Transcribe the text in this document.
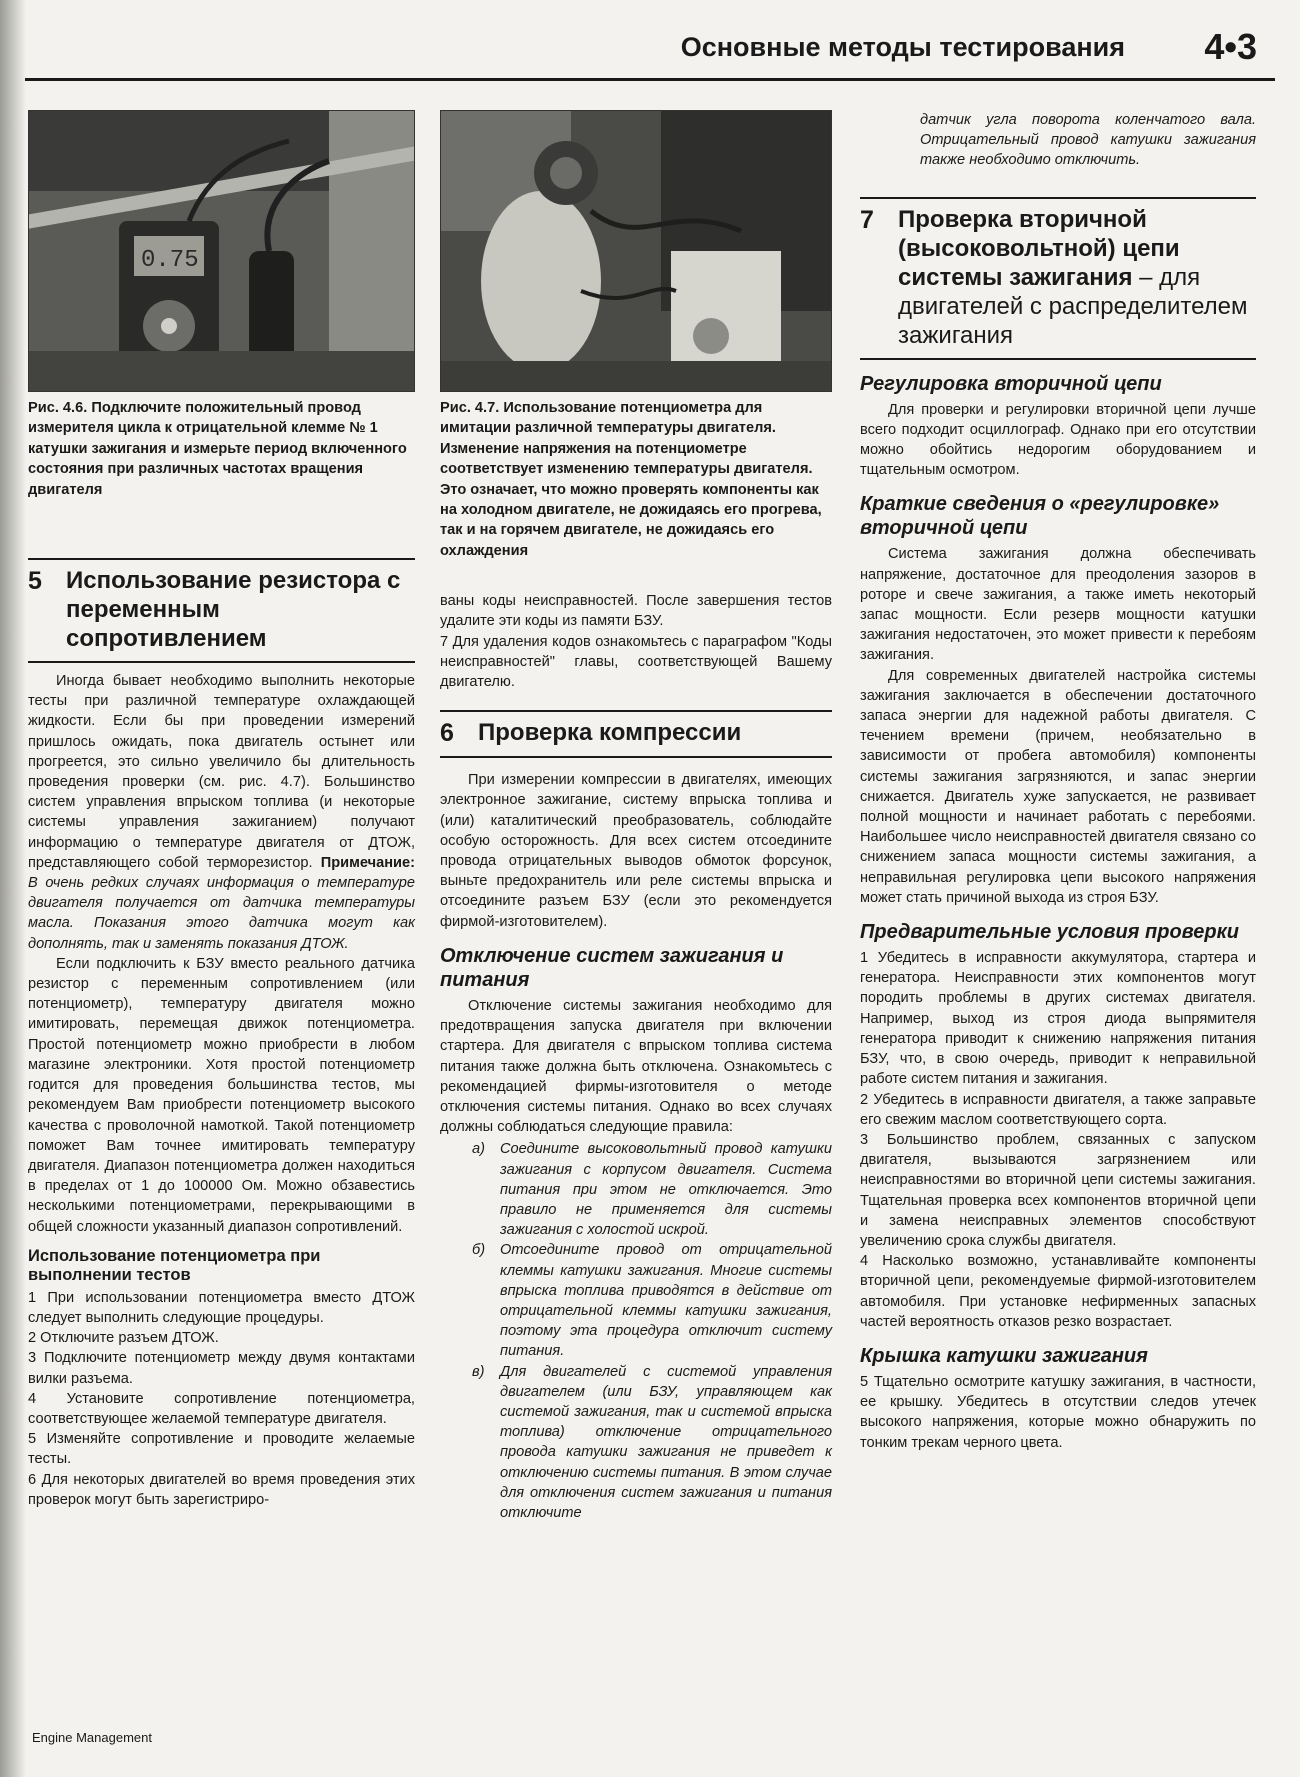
Основные методы тестирования 4•3
0.75
Рис. 4.6. Подключите положительный провод измерителя цикла к отрицательной клемме № 1 катушки зажигания и измерьте период включенного состояния при различных частотах вращения двигателя
5	Использование резистора с переменным сопротивлением

Иногда бывает необходимо выполнить некоторые тесты при различной температуре охлаждающей жидкости. Если бы при проведении измерений пришлось ожидать, пока двигатель остынет или прогреется, это сильно увеличило бы длительность проведения проверки (см. рис. 4.7). Большинство систем управления впрыском топлива (и некоторые системы управления зажиганием) получают информацию о температуре двигателя от ДТОЖ, представляющего собой терморезистор. Примечание: В очень редких случаях информация о температуре двигателя получается от датчика температуры масла. Показания этого датчика могут как дополнять, так и заменять показания ДТОЖ.

Если подключить к БЗУ вместо реального датчика резистор с переменным сопротивлением (или потенциометр), температуру двигателя можно имитировать, перемещая движок потенциометра. Простой потенциометр можно приобрести в любом магазине электроники. Хотя простой потенциометр годится для проведения большинства тестов, мы рекомендуем Вам приобрести потенциометр высокого качества с проволочной намоткой. Такой потенциометр поможет Вам точнее имитировать температуру двигателя. Диапазон потенциометра должен находиться в пределах от 1 до 100000 Ом. Можно обзавестись несколькими потенциометрами, перекрывающими в общей сложности указанный диапазон сопротивлений.

Использование потенциометра при выполнении тестов
1 При использовании потенциометра вместо ДТОЖ следует выполнить следующие процедуры.
2 Отключите разъем ДТОЖ.
3 Подключите потенциометр между двумя контактами вилки разъема.
4 Установите сопротивление потенциометра, соответствующее желаемой температуре двигателя.
5 Изменяйте сопротивление и проводите желаемые тесты.
6 Для некоторых двигателей во время проведения этих проверок могут быть зарегистриро-
Рис. 4.7. Использование потенциометра для имитации различной температуры двигателя. Изменение напряжения на потенциометре соответствует изменению температуры двигателя. Это означает, что можно проверять компоненты как на холодном двигателе, не дожидаясь его прогрева, так и на горячем двигателе, не дожидаясь его охлаждения

ваны коды неисправностей. После завершения тестов удалите эти коды из памяти БЗУ.

7 Для удаления кодов ознакомьтесь с параграфом "Коды неисправностей" главы, соответствующей Вашему двигателю.
6	Проверка компрессии

При измерении компрессии в двигателях, имеющих электронное зажигание, систему впрыска топлива и (или) каталитический преобразователь, соблюдайте особую осторожность. Для всех систем отсоедините провода отрицательных выводов обмоток форсунок, выньте предохранитель или реле системы впрыска и отсоедините разъем БЗУ (если это рекомендуется фирмой-изготовителем).

Отключение систем зажигания и питания

Отключение системы зажигания необходимо для предотвращения запуска двигателя при включении стартера. Для двигателя с впрыском топлива система питания также должна быть отключена. Ознакомьтесь с рекомендацией фирмы-изготовителя о методе отключения системы питания. Однако во всех случаях должны соблюдаться следующие правила:

а)	Соедините высоковольтный провод катушки зажигания с корпусом двигателя. Система питания при этом не отключается. Это правило не применяется для системы зажигания с холостой искрой.
б)	Отсоедините провод от отрицательной клеммы катушки зажигания. Многие системы впрыска топлива приводятся в действие от отрицательной клеммы катушки зажигания, поэтому эта процедура отключит систему питания.
в)	Для двигателей с системой управления двигателем (или БЗУ, управляющем как системой зажигания, так и системой впрыска топлива) отключение отрицательного провода катушки зажигания не приведет к отключению системы питания. В этом случае для отключения систем зажигания и питания отключите

датчик угла поворота коленчатого вала. Отрицательный провод катушки зажигания также необходимо отключить.

7	Проверка вторичной (высоковольтной) цепи системы зажигания – для двигателей с распределителем зажигания
Регулировка вторичной цепи

Для проверки и регулировки вторичной цепи лучше всего подходит осциллограф. Однако при его отсутствии можно обойтись недорогим оборудованием и тщательным осмотром.

Краткие сведения о «регулировке» вторичной цепи

Система зажигания должна обеспечивать напряжение, достаточное для преодоления зазоров в роторе и свече зажигания, а также иметь некоторый запас мощности. Если резерв мощности катушки зажигания недостаточен, это может привести к перебоям зажигания.

Для современных двигателей настройка системы зажигания заключается в обеспечении достаточного запаса энергии для надежной работы двигателя. С течением времени (причем, необязательно в зависимости от пробега автомобиля) компоненты системы зажигания загрязняются, и запас энергии снижается. Двигатель хуже запускается, не развивает полной мощности и начинает работать с перебоями. Наибольшее число неисправностей двигателя связано со снижением запаса мощности системы зажигания, а неправильная регулировка цепи высокого напряжения может стать причиной выхода из строя БЗУ.

Предварительные условия проверки
1 Убедитесь в исправности аккумулятора, стартера и генератора. Неисправности этих компонентов могут породить проблемы в других системах двигателя. Например, выход из строя диода выпрямителя генератора приводит к снижению напряжения питания БЗУ, что, в свою очередь, приводит к неправильной работе систем питания и зажигания.
2 Убедитесь в исправности двигателя, а также заправьте его свежим маслом соответствующего сорта.
3 Большинство проблем, связанных с запуском двигателя, вызываются загрязнением или неисправностями во вторичной цепи системы зажигания. Тщательная проверка всех компонентов вторичной цепи и замена неисправных элементов способствуют увеличению срока службы двигателя.
4 Насколько возможно, устанавливайте компоненты вторичной цепи, рекомендуемые фирмой-изготовителем автомобиля. При установке нефирменных запасных частей вероятность отказов резко возрастает.
Крышка катушки зажигания
5 Тщательно осмотрите катушку зажигания, в частности, ее крышку. Убедитесь в отсутствии следов утечек высокого напряжения, которые можно обнаружить по тонким трекам черного цвета.
Engine Management
